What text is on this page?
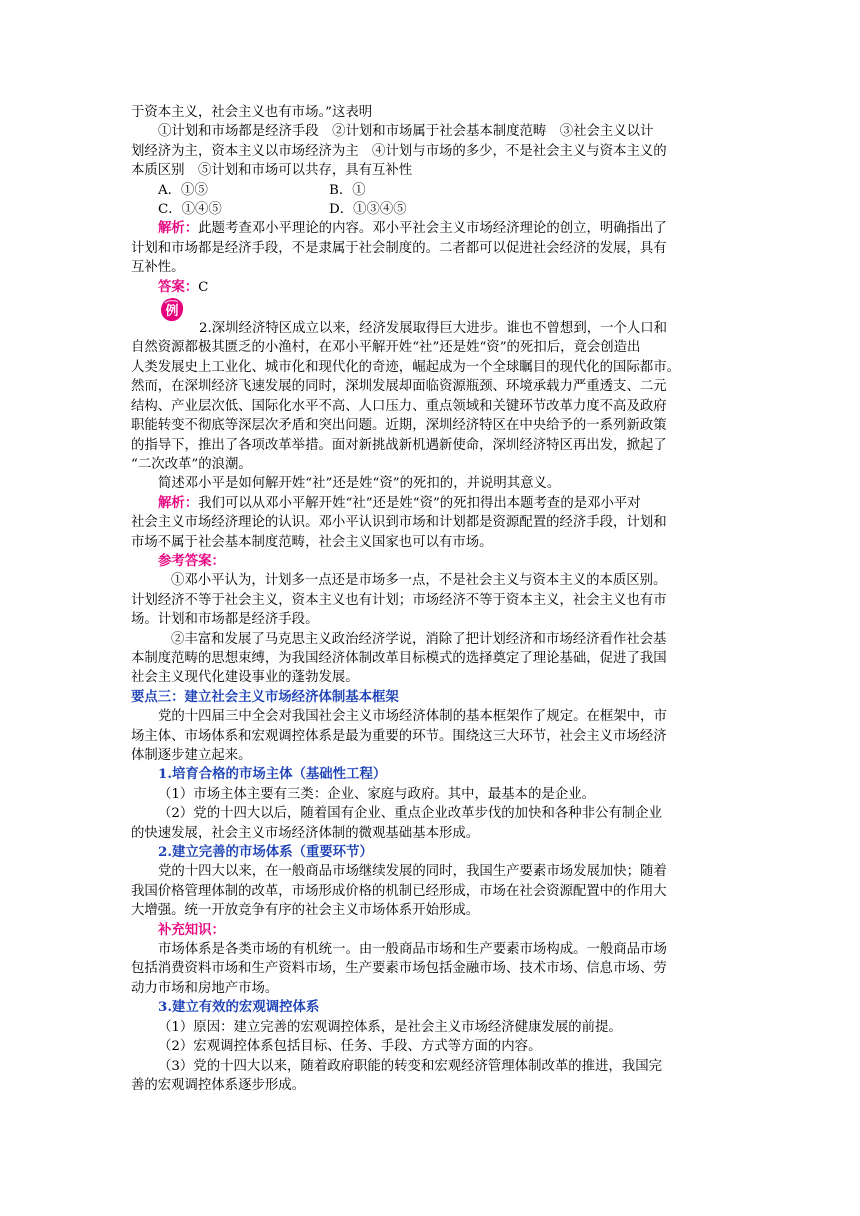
于资本主义，社会主义也有市场。”这表明

①计划和市场都是经济手段　②计划和市场属于社会基本制度范畴　③社会主义以计

划经济为主，资本主义以市场经济为主　④计划与市场的多少，不是社会主义与资本主义的

本质区别　⑤计划和市场可以共存，具有互补性

A．①⑤	B．①
C．①④⑤	D．①③④⑤

解析：此题考查邓小平理论的内容。邓小平社会主义市场经济理论的创立，明确指出了

计划和市场都是经济手段，不是隶属于社会制度的。二者都可以促进社会经济的发展，具有

互补性。

答案：C

例

2.深圳经济特区成立以来，经济发展取得巨大进步。谁也不曾想到，一个人口和

自然资源都极其匮乏的小渔村，在邓小平解开姓“社”还是姓“资”的死扣后，竟会创造出

人类发展史上工业化、城市化和现代化的奇迹，崛起成为一个全球瞩目的现代化的国际都市。

然而，在深圳经济飞速发展的同时，深圳发展却面临资源瓶颈、环境承载力严重透支、二元

结构、产业层次低、国际化水平不高、人口压力、重点领域和关键环节改革力度不高及政府

职能转变不彻底等深层次矛盾和突出问题。近期，深圳经济特区在中央给予的一系列新政策

的指导下，推出了各项改革举措。面对新挑战新机遇新使命，深圳经济特区再出发，掀起了

“二次改革”的浪潮。

简述邓小平是如何解开姓“社”还是姓“资”的死扣的，并说明其意义。

解析：我们可以从邓小平解开姓“社”还是姓“资”的死扣得出本题考查的是邓小平对

社会主义市场经济理论的认识。邓小平认识到市场和计划都是资源配置的经济手段，计划和

市场不属于社会基本制度范畴，社会主义国家也可以有市场。

参考答案：

①邓小平认为，计划多一点还是市场多一点，不是社会主义与资本主义的本质区别。

计划经济不等于社会主义，资本主义也有计划；市场经济不等于资本主义，社会主义也有市

场。计划和市场都是经济手段。

②丰富和发展了马克思主义政治经济学说，消除了把计划经济和市场经济看作社会基

本制度范畴的思想束缚，为我国经济体制改革目标模式的选择奠定了理论基础，促进了我国

社会主义现代化建设事业的蓬勃发展。

要点三：建立社会主义市场经济体制基本框架

党的十四届三中全会对我国社会主义市场经济体制的基本框架作了规定。在框架中，市

场主体、市场体系和宏观调控体系是最为重要的环节。围绕这三大环节，社会主义市场经济

体制逐步建立起来。

1.培育合格的市场主体（基础性工程）

（1）市场主体主要有三类：企业、家庭与政府。其中，最基本的是企业。

（2）党的十四大以后，随着国有企业、重点企业改革步伐的加快和各种非公有制企业

的快速发展，社会主义市场经济体制的微观基础基本形成。

2.建立完善的市场体系（重要环节）

党的十四大以来，在一般商品市场继续发展的同时，我国生产要素市场发展加快；随着

我国价格管理体制的改革，市场形成价格的机制已经形成，市场在社会资源配置中的作用大

大增强。统一开放竞争有序的社会主义市场体系开始形成。

补充知识：

市场体系是各类市场的有机统一。由一般商品市场和生产要素市场构成。一般商品市场

包括消费资料市场和生产资料市场，生产要素市场包括金融市场、技术市场、信息市场、劳

动力市场和房地产市场。

3.建立有效的宏观调控体系

（1）原因：建立完善的宏观调控体系，是社会主义市场经济健康发展的前提。

（2）宏观调控体系包括目标、任务、手段、方式等方面的内容。

（3）党的十四大以来，随着政府职能的转变和宏观经济管理体制改革的推进，我国完

善的宏观调控体系逐步形成。
